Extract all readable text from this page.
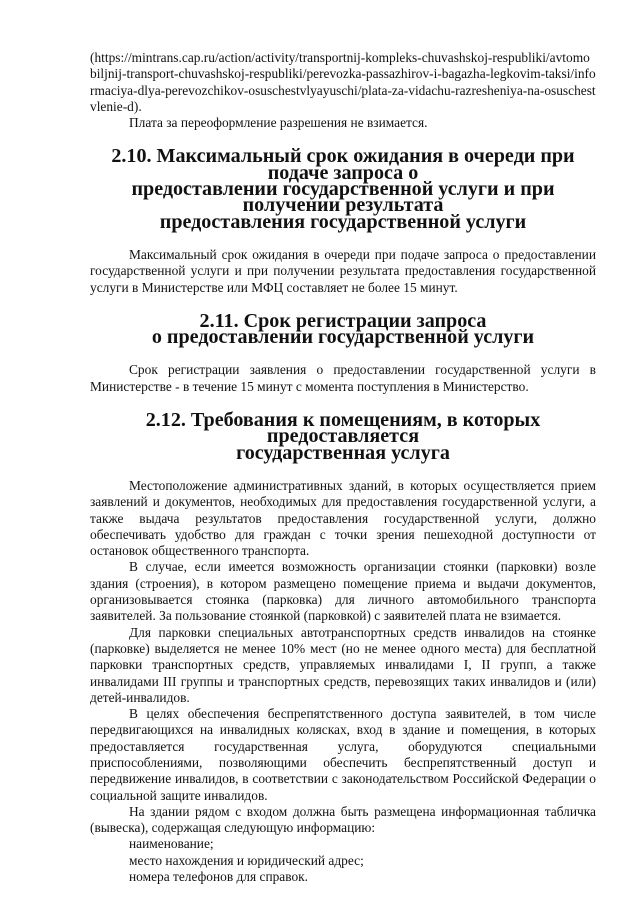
(https://mintrans.cap.ru/action/activity/transportnij-kompleks-chuvashskoj-respubliki/avtomobiljnij-transport-chuvashskoj-respubliki/perevozka-passazhirov-i-bagazha-legkovim-taksi/informaciya-dlya-perevozchikov-osuschestvlyayuschi/plata-za-vidachu-razresheniya-na-osuschestvlenie-d).

Плата за переоформление разрешения не взимается.

2.10. Максимальный срок ожидания в очереди при подаче запроса о
предоставлении государственной услуги и при получении результата
предоставления государственной услуги

Максимальный срок ожидания в очереди при подаче запроса о предоставлении государственной услуги и при получении результата предоставления государственной услуги в Министерстве или МФЦ составляет не более 15 минут.

2.11. Срок регистрации запроса
о предоставлении государственной услуги

Срок регистрации заявления о предоставлении государственной услуги в Министерстве - в течение 15 минут с момента поступления в Министерство.

2.12. Требования к помещениям, в которых предоставляется
государственная услуга

Местоположение административных зданий, в которых осуществляется прием заявлений и документов, необходимых для предоставления государственной услуги, а также выдача результатов предоставления государственной услуги, должно обеспечивать удобство для граждан с точки зрения пешеходной доступности от остановок общественного транспорта.

В случае, если имеется возможность организации стоянки (парковки) возле здания (строения), в котором размещено помещение приема и выдачи документов, организовывается стоянка (парковка) для личного автомобильного транспорта заявителей. За пользование стоянкой (парковкой) с заявителей плата не взимается.

Для парковки специальных автотранспортных средств инвалидов на стоянке (парковке) выделяется не менее 10% мест (но не менее одного места) для бесплатной парковки транспортных средств, управляемых инвалидами I, II групп, а также инвалидами III группы и транспортных средств, перевозящих таких инвалидов и (или) детей-инвалидов.

В целях обеспечения беспрепятственного доступа заявителей, в том числе передвигающихся на инвалидных колясках, вход в здание и помещения, в которых предоставляется государственная услуга, оборудуются специальными приспособлениями, позволяющими обеспечить беспрепятственный доступ и передвижение инвалидов, в соответствии с законодательством Российской Федерации о социальной защите инвалидов.

На здании рядом с входом должна быть размещена информационная табличка (вывеска), содержащая следующую информацию:

наименование;

место нахождения и юридический адрес;

номера телефонов для справок.
